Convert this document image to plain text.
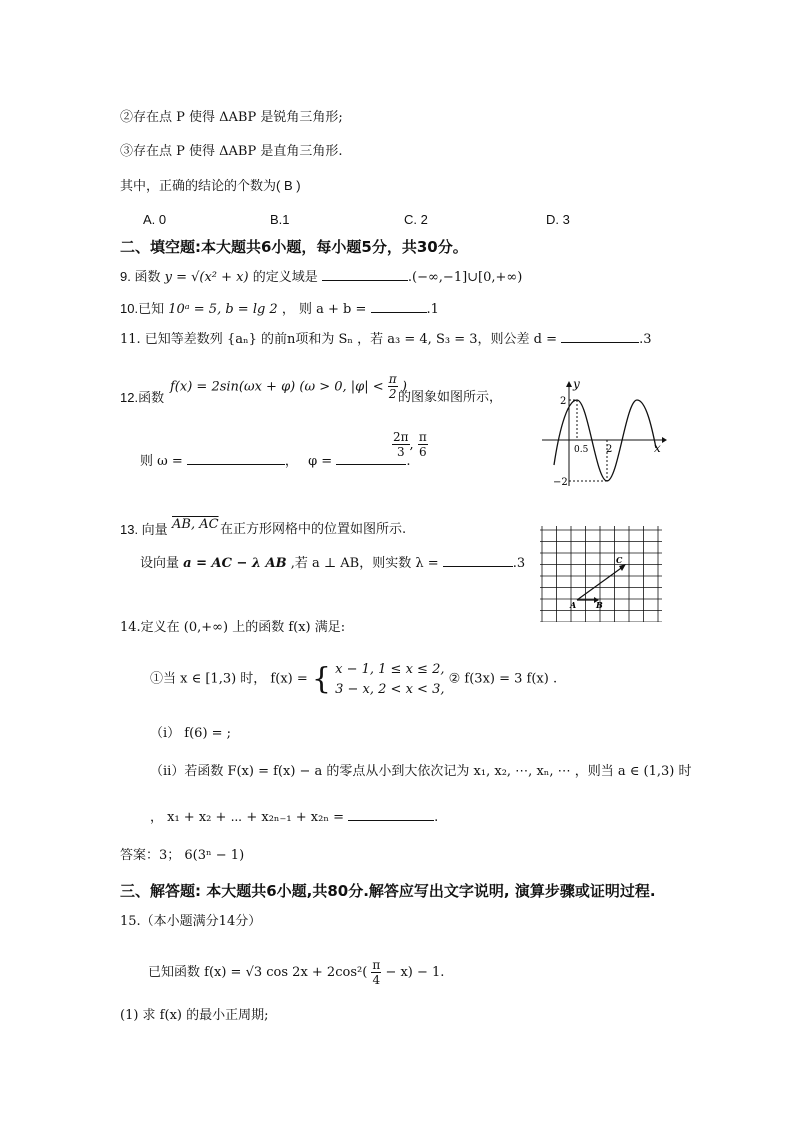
②存在点 P 使得 ΔABP 是锐角三角形;
③存在点 P 使得 ΔABP 是直角三角形.
其中，正确的结论的个数为( B )
A. 0	B.1	C. 2	D. 3
二、填空题:本大题共6小题，每小题5分，共30分。
9. 函数 y = √(x² + x) 的定义域是	.(−∞,−1]∪[0,+∞)
10.已知 10ᵃ = 5, b = lg 2 ， 则 a + b =	.1
11. 已知等差数列 {aₙ} 的前n项和为 Sₙ ，若 a₃ = 4, S₃ = 3，则公差 d =	.3
12.函数
f(x) = 2sin(ωx + φ) (ω > 0, $|\varphi| < \frac{\pi}{2}$ )
的图象如图所示，
则 ω =	， φ =	.
$\frac{2\pi}{3}$ , $\frac{\pi}{6}$
y
x
2
−2
0.5 2
13. 向量 AB, AC 在正方形网格中的位置如图所示.
设向量 a = AC − λ AB ,若 a ⊥ AB，则实数 λ =	.3
A B
C
14.定义在 (0,+∞) 上的函数 f(x) 满足:
①当 x ∈ [1,3) 时， f(x) = { x − 1, 1 ≤ x ≤ 2,
3 − x, 2 < x < 3,
② f(3x) = 3 f(x) .
（i） f(6) = ;
（ii）若函数 F(x) = f(x) − a 的零点从小到大依次记为 x₁, x₂, ⋯, xₙ, ⋯ ，则当 a ∈ (1,3) 时
， x₁ + x₂ + ⋯ + x₂ₙ₋₁ + x₂ₙ =	.
答案：3； 6(3ⁿ − 1)
三、解答题: 本大题共6小题,共80分.解答应写出文字说明, 演算步骤或证明过程.
15.（本小题满分14分）
已知函数 f(x) = √3 $\cos 2x + 2\cos^2( \frac{\pi}{4} - x) - 1$.
(1) 求 f(x) 的最小正周期;
